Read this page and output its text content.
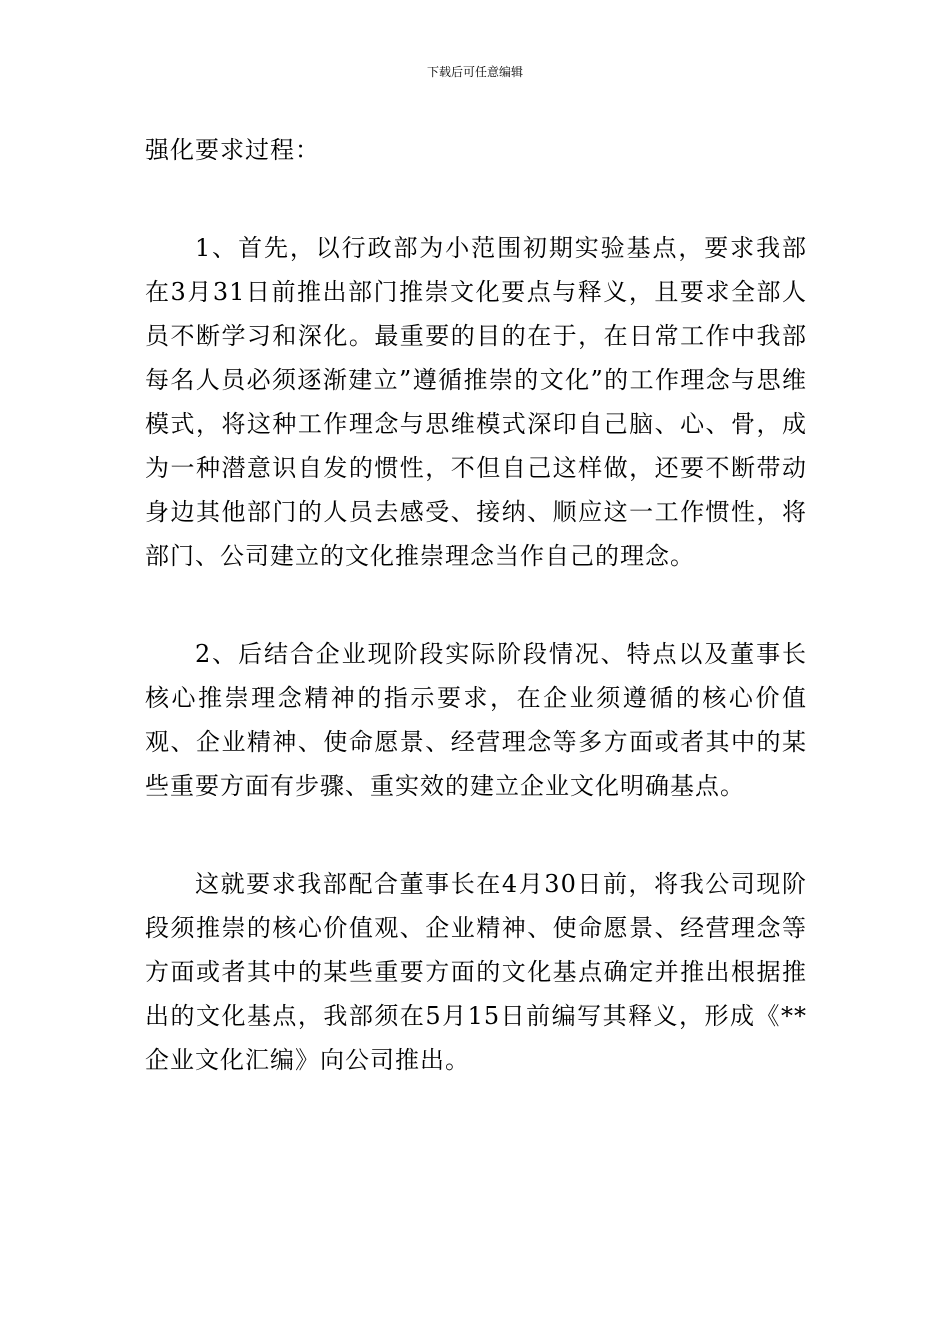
下载后可任意编辑

强化要求过程：

1、首先，以行政部为小范围初期实验基点，要求我部在3月31日前推出部门推崇文化要点与释义，且要求全部人员不断学习和深化。最重要的目的在于，在日常工作中我部每名人员必须逐渐建立”遵循推崇的文化”的工作理念与思维模式，将这种工作理念与思维模式深印自己脑、心、骨，成为一种潜意识自发的惯性，不但自己这样做，还要不断带动身边其他部门的人员去感受、接纳、顺应这一工作惯性，将部门、公司建立的文化推崇理念当作自己的理念。

2、后结合企业现阶段实际阶段情况、特点以及董事长核心推崇理念精神的指示要求，在企业须遵循的核心价值观、企业精神、使命愿景、经营理念等多方面或者其中的某些重要方面有步骤、重实效的建立企业文化明确基点。

这就要求我部配合董事长在4月30日前，将我公司现阶段须推崇的核心价值观、企业精神、使命愿景、经营理念等方面或者其中的某些重要方面的文化基点确定并推出根据推出的文化基点，我部须在5月15日前编写其释义，形成《**企业文化汇编》向公司推出。
